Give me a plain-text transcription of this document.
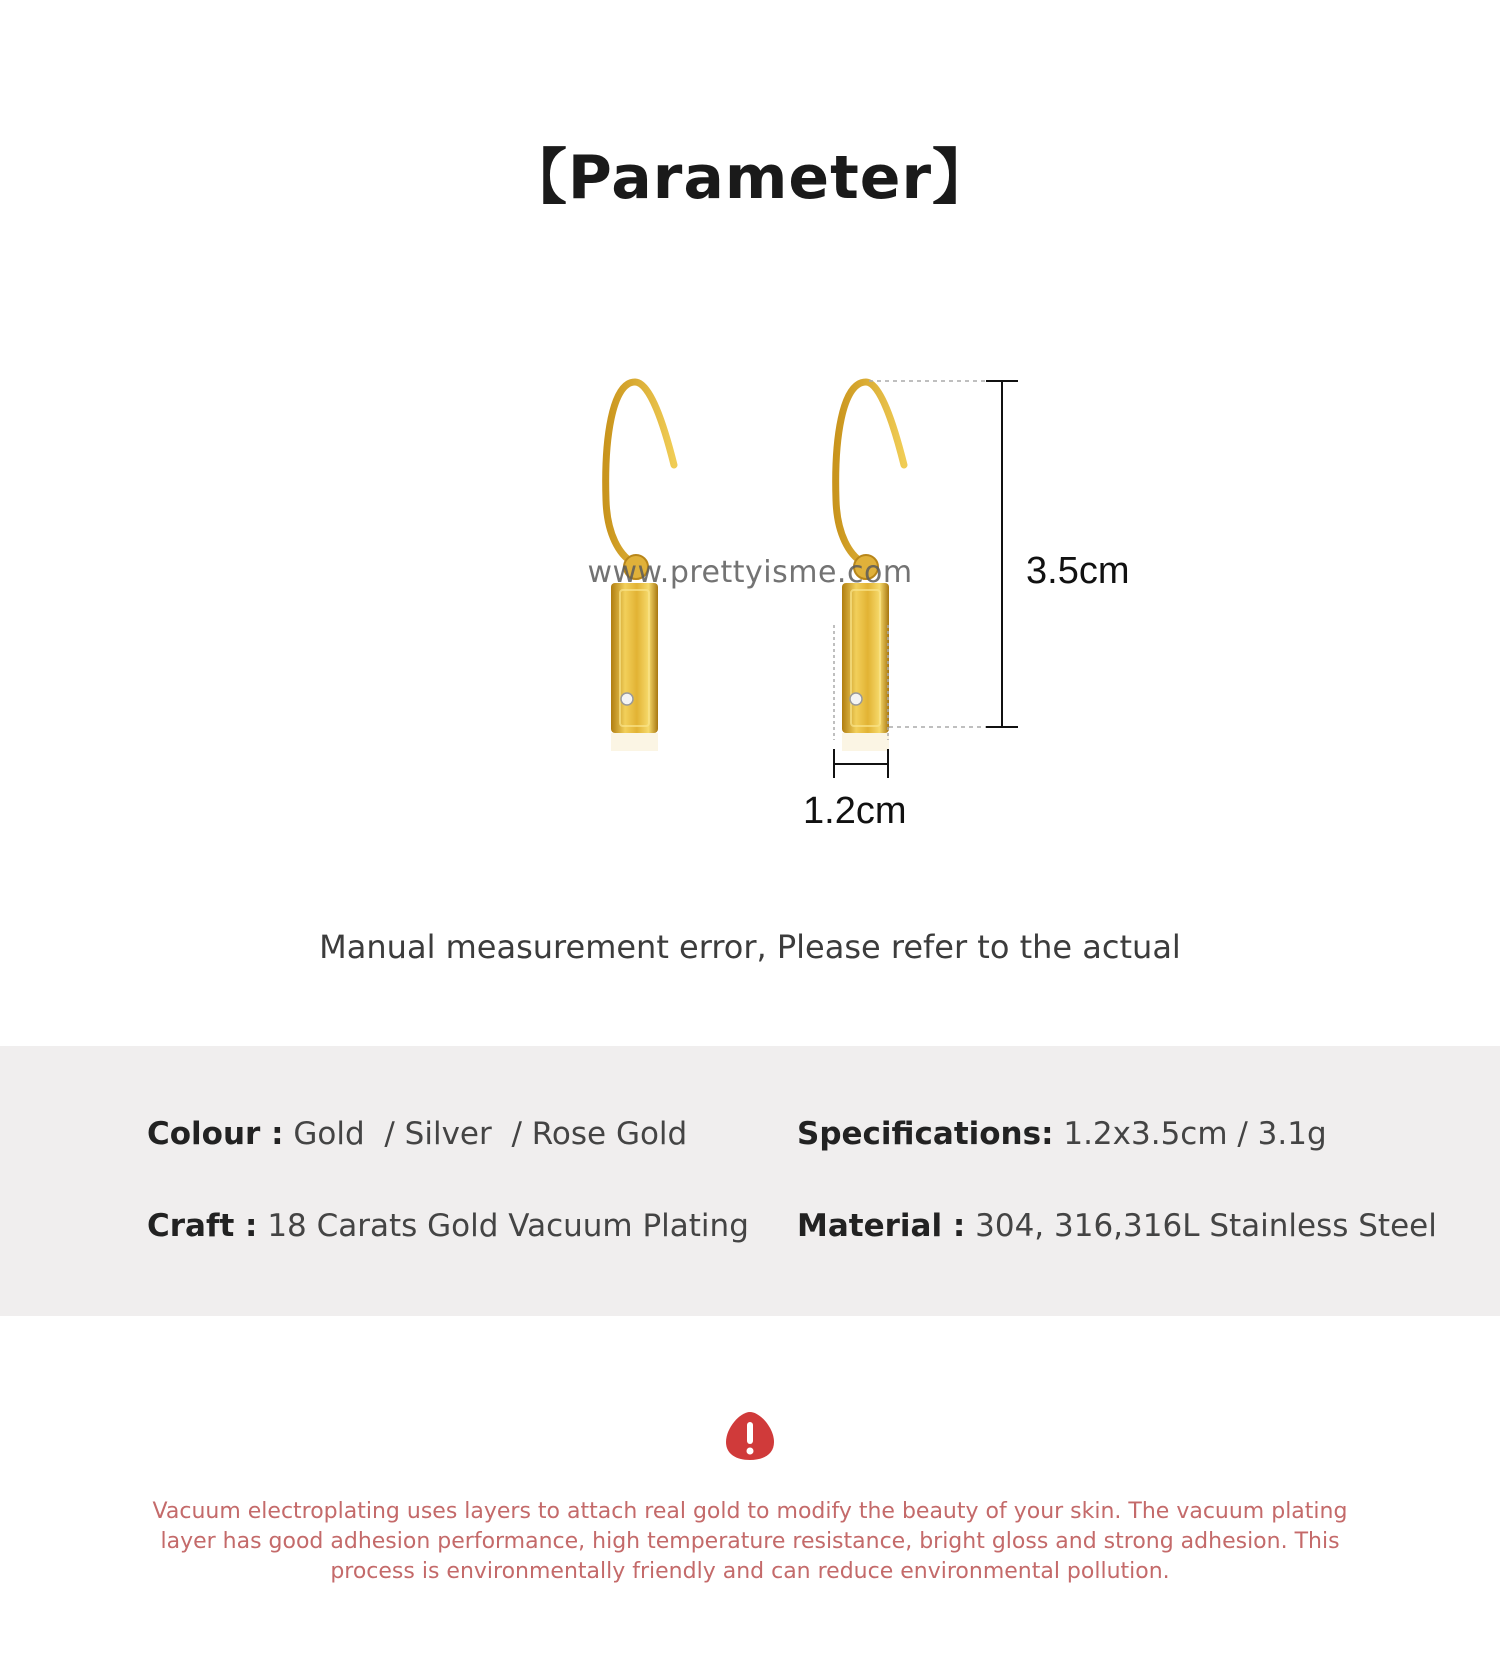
【Parameter】
www.prettyisme.com	3.5cm
1.2cm
Manual measurement error, Please refer to the actual
Colour : Gold  / Silver  / Rose Gold	Specifications: 1.2x3.5cm / 3.1g
Craft : 18 Carats Gold Vacuum Plating Material : 304, 316,316L Stainless Steel
Vacuum electroplating uses layers to attach real gold to modify the beauty of your skin. The vacuum plating layer has good adhesion performance, high temperature resistance, bright gloss and strong adhesion. This process is environmentally friendly and can reduce environmental pollution.
